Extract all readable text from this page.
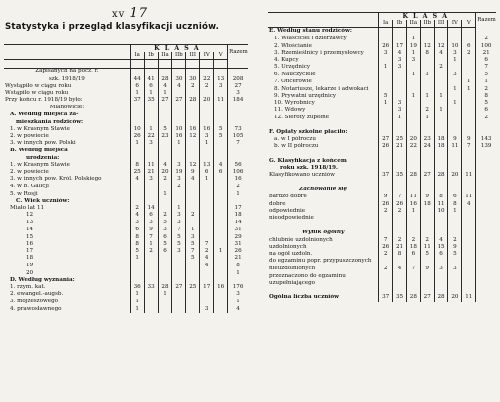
xv 17
Statystyka i przegląd klasyfikacji uczniów.
	KLASA							Razem
	Ia	Ib	IIa	IIb	III	IV	V	

Zapisanych na pocz. r.								
szk. 1918/19	44	41	28	30	30	22	13	208
Wystąpiło w ciągu roku	6	6	4	4	2	2	3	27
Wstąpiło w ciągu roku	1	1	1					3
Przy końcu r. 1918/19 było:	37	35	27	27	28	20	11	184
Mianowicie:								
A. Według miejsca za-								
mieszkania rodziców:								
1. w Krasnym Stawie	10	1	5	10	16	16	5	73
2. w powiecie	26	22	23	16	12	3	5	105
3. w innych pow. Polski	1	3		1		1		7
B. Według miejsca								
urodzenia:								
1. w Krasnym Stawie	8	11	4	3	12	13	4	56
2. w powiecie	25	21	20	19	9	6	6	106
3. w innych pow. Król. Polskiego	4	3	2	3	4	1		16
4. w b. Galicji				2				2
5. w Rosji			1					1
C. Wiek uczniów:								
Miało lat 11	2	14		1				17
12	4	6	2	3	2			18
13	3	3	5	3				14
14	6	9	3	7	1			31
15	8	7	6	5	3			29
16	8	1	5	5	5	7		31
17	5	2	6	3	7	2	1	26
18	1				5	4		21
19						4		8
20								1
D. Według wyznania:								
1. rzym. kat.	36	33	28	27	25	17	16	176
2. ewangel.-augsb.	1		1					3
3. mojżeszowego	1							1
4. prawosławnego	1					3		4
	KLASA							Razem
	Ia	Ib	IIa	IIb	III	IV	V	
E. Według stanu rodziców:								
1. Właściciel i dzierżawcy			1					2
2. Włościanie	26	17	19	12	12	10	6	100
3. Rzemieślnicy i przemysłowcy	3	4	1	8	4	3	2	21
4. Kupcy		3	3			1		6
5. Urzędnicy	1	3			2			7
6. Nauczyciele			1	1		3		5
7. Oficerowie							1	1
8. Notariusze, lekarze i adwokaci						1	1	2
9. Prywatni urzędnicy	5		1	1	1			8
10. Wyrobnicy	1	3				1		5
11. Wdowy		3		2	1			6
12. Sieroty zupełne		1		1				2

F. Opłaty szkolne płaciło:								
a. w I półroczu	27	25	20	23	18	9	9	143
b. w II półroczu	26	21	22	24	18	11	7	139

G. Klasyfikacja z końcem								
roku szk. 1918/19.								
Klasyfikowano uczniów	37	35	28	27	28	20	11	

Zachowanie się								
bardzo dobre	9	7	11	9	8	6	11	
dobre	26	26	16	18	11	8	4	
odpowiednie	2	2	1		10	1		
nieodpowiednie								

Wynik ogólny								
chlubnie uzdolnionych	7	2	2	2	4	2		
uzdolnionych	26	21	18	11	15	9		
na ogół uzdoln.	2	8	6	5	6	5		
do egzaminu popr. przypuszczonych								
nieuzdolnionych	2	4	7	9	3	3		
przeznaczono do egzaminu								
uzupełniającego								

Ogólna liczba uczniów	37	35	28	27	28	20	11	
